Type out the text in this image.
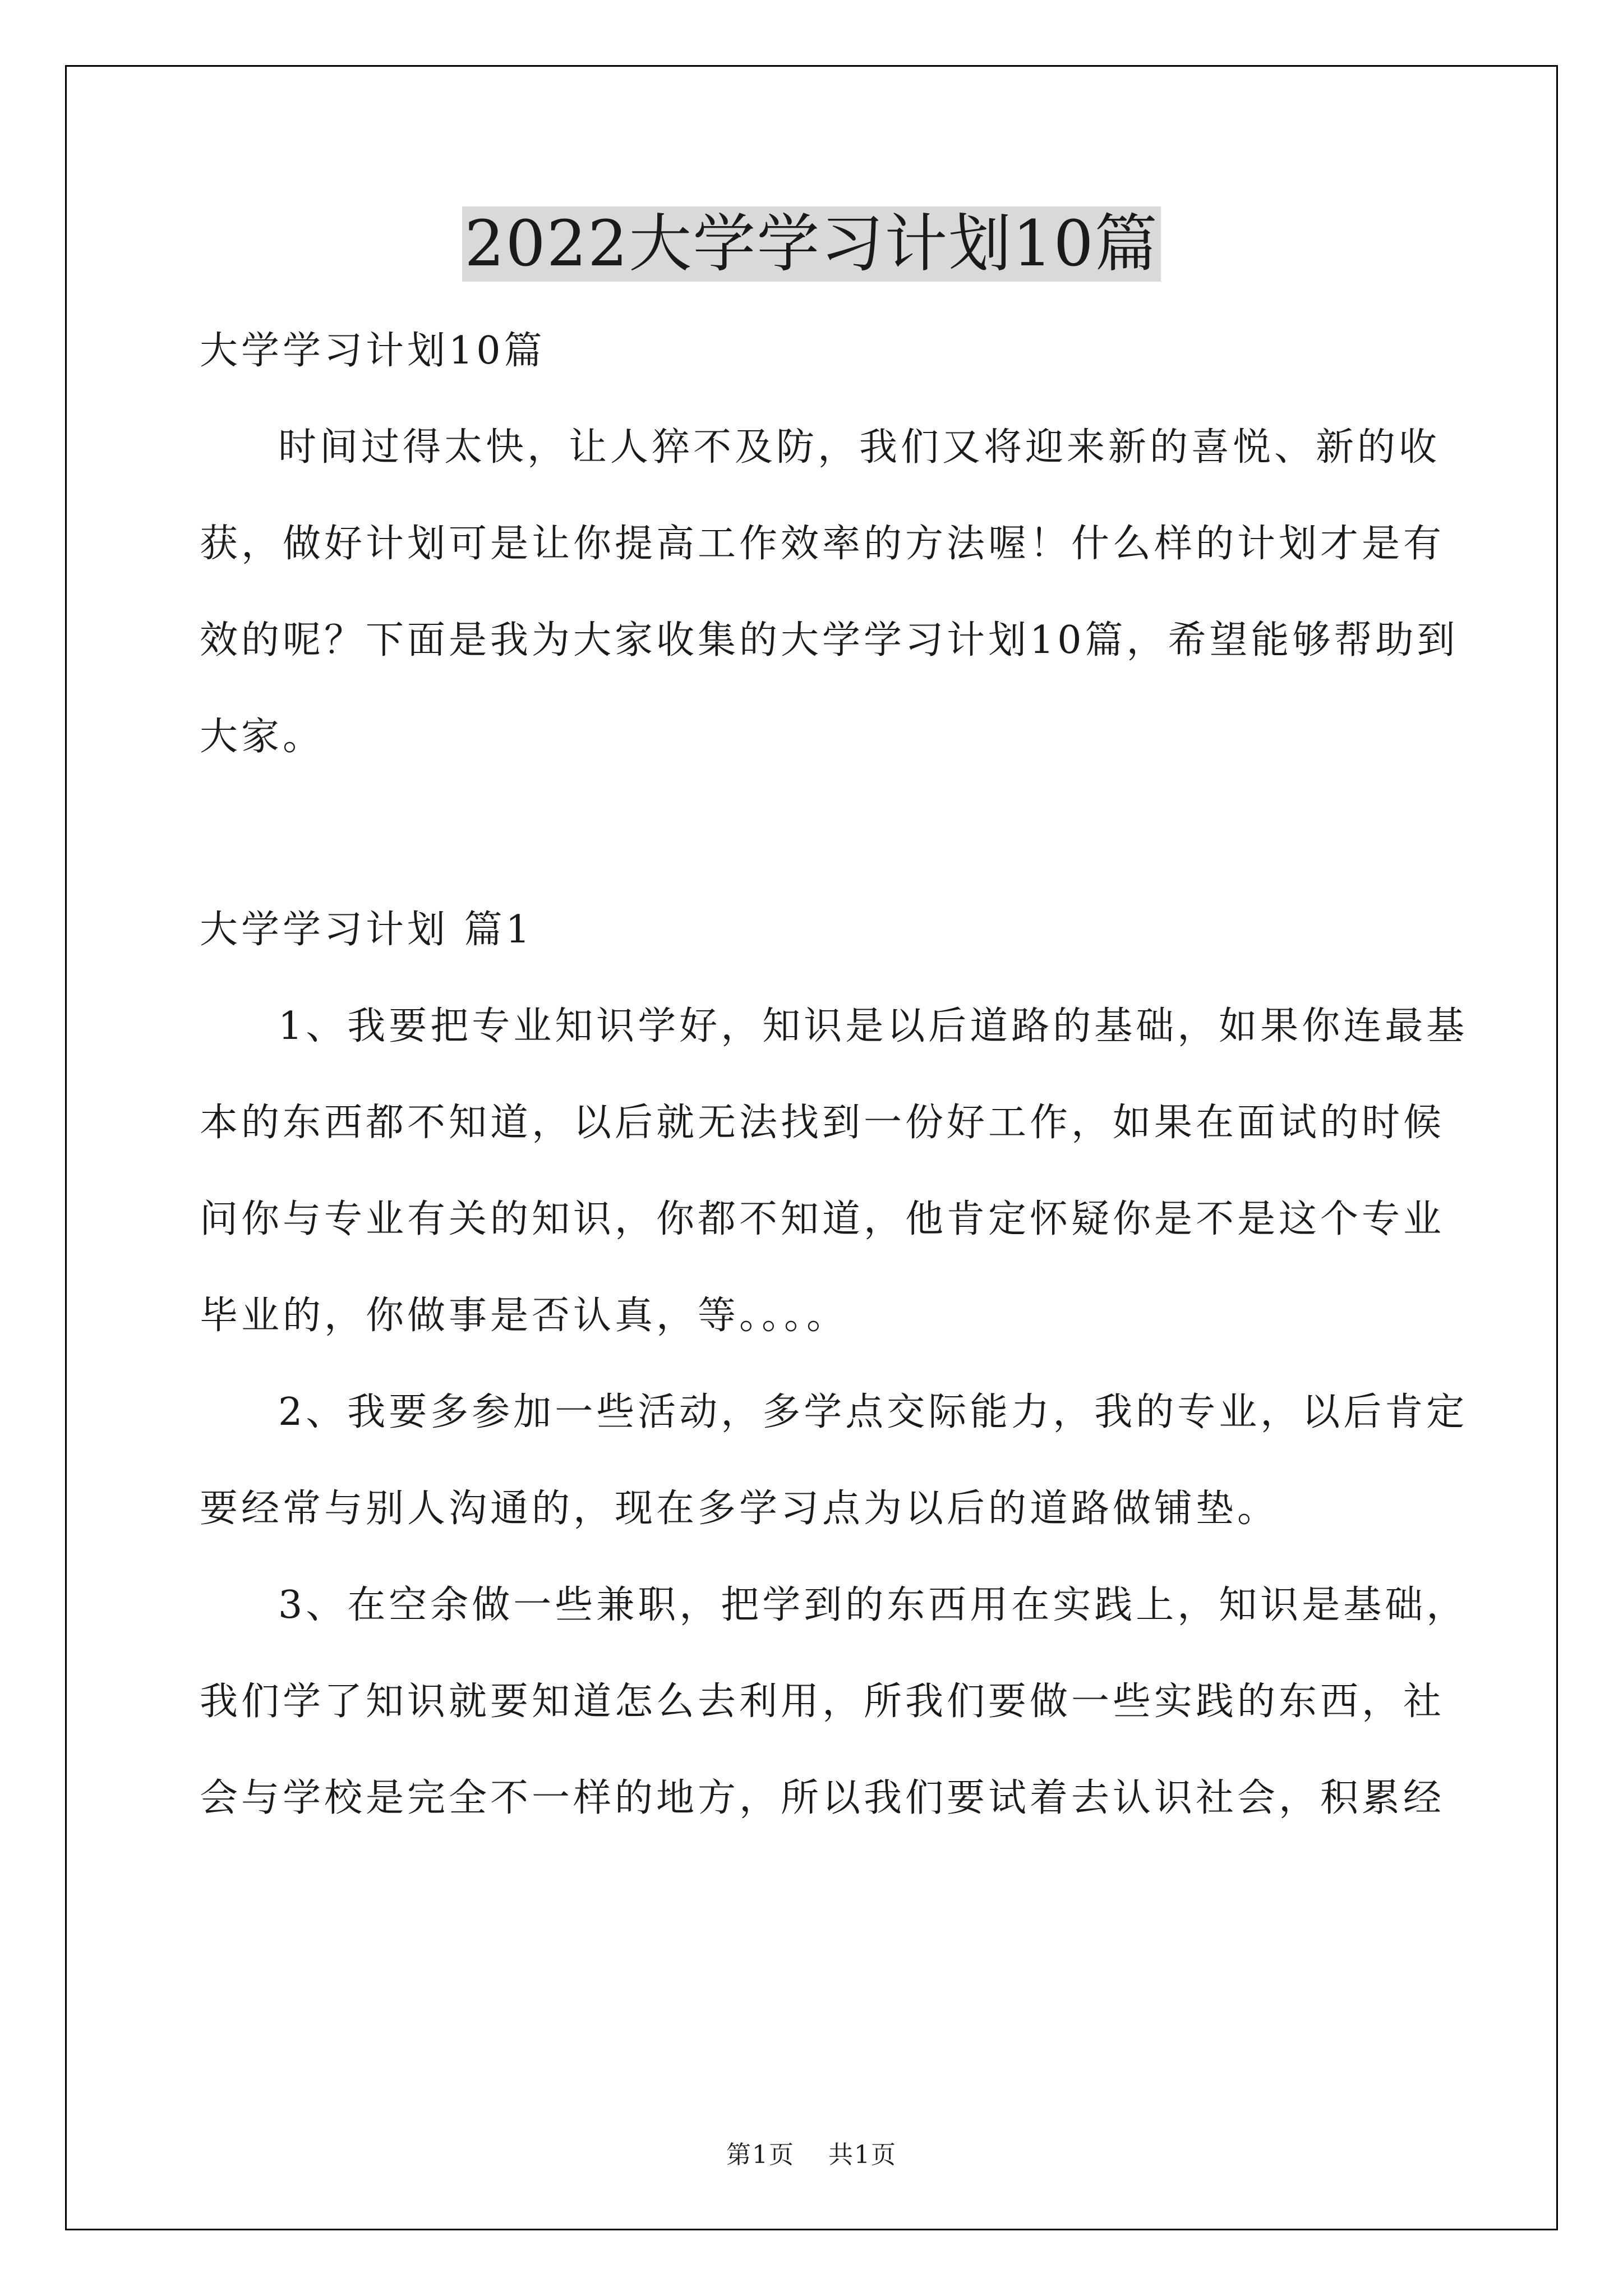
2022大学学习计划10篇
大学学习计划10篇
时间过得太快，让人猝不及防，我们又将迎来新的喜悦、新的收
获，做好计划可是让你提高工作效率的方法喔！什么样的计划才是有
效的呢？下面是我为大家收集的大学学习计划10篇，希望能够帮助到
大家。
大学学习计划 篇1
1、我要把专业知识学好，知识是以后道路的基础，如果你连最基
本的东西都不知道，以后就无法找到一份好工作，如果在面试的时候
问你与专业有关的知识，你都不知道，他肯定怀疑你是不是这个专业
毕业的，你做事是否认真，等。。。。
2、我要多参加一些活动，多学点交际能力，我的专业，以后肯定
要经常与别人沟通的，现在多学习点为以后的道路做铺垫。
3、在空余做一些兼职，把学到的东西用在实践上，知识是基础，
我们学了知识就要知道怎么去利用，所我们要做一些实践的东西，社
会与学校是完全不一样的地方，所以我们要试着去认识社会，积累经
第1页 共1页
